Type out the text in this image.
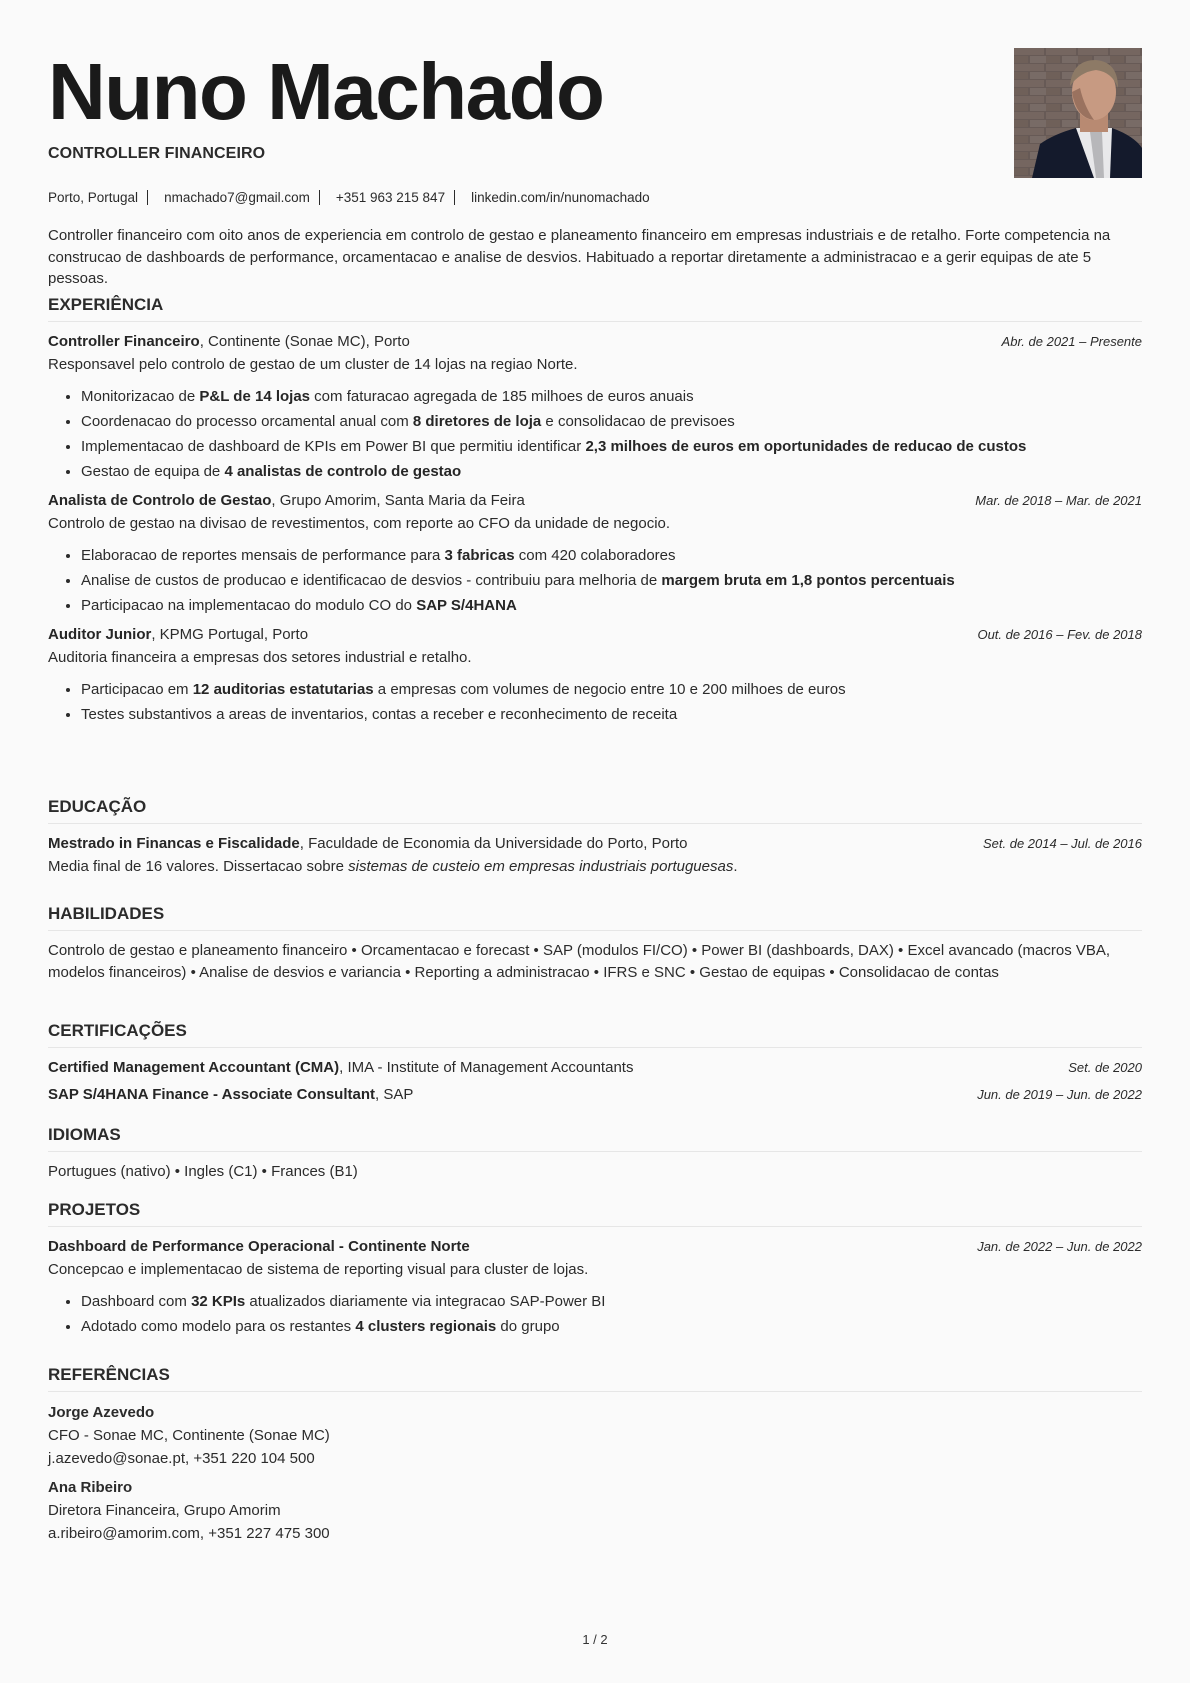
Nuno Machado
CONTROLLER FINANCEIRO
Porto, Portugal nmachado7@gmail.com +351 963 215 847 linkedin.com/in/nunomachado
Controller financeiro com oito anos de experiencia em controlo de gestao e planeamento financeiro em empresas industriais e de retalho. Forte competencia na construcao de dashboards de performance, orcamentacao e analise de desvios. Habituado a reportar diretamente a administracao e a gerir equipas de ate 5 pessoas.
EXPERIÊNCIA
Controller Financeiro, Continente (Sonae MC), Porto	Abr. de 2021 – Presente
Responsavel pelo controlo de gestao de um cluster de 14 lojas na regiao Norte.
• Monitorizacao de P&L de 14 lojas com faturacao agregada de 185 milhoes de euros anuais
• Coordenacao do processo orcamental anual com 8 diretores de loja e consolidacao de previsoes
• Implementacao de dashboard de KPIs em Power BI que permitiu identificar 2,3 milhoes de euros em oportunidades de reducao de custos
• Gestao de equipa de 4 analistas de controlo de gestao
Analista de Controlo de Gestao, Grupo Amorim, Santa Maria da Feira	Mar. de 2018 – Mar. de 2021
Controlo de gestao na divisao de revestimentos, com reporte ao CFO da unidade de negocio.
• Elaboracao de reportes mensais de performance para 3 fabricas com 420 colaboradores
• Analise de custos de producao e identificacao de desvios - contribuiu para melhoria de margem bruta em 1,8 pontos percentuais
• Participacao na implementacao do modulo CO do SAP S/4HANA
Auditor Junior, KPMG Portugal, Porto	Out. de 2016 – Fev. de 2018
Auditoria financeira a empresas dos setores industrial e retalho.
• Participacao em 12 auditorias estatutarias a empresas com volumes de negocio entre 10 e 200 milhoes de euros
• Testes substantivos a areas de inventarios, contas a receber e reconhecimento de receita
EDUCAÇÃO
Mestrado in Financas e Fiscalidade, Faculdade de Economia da Universidade do Porto, Porto	Set. de 2014 – Jul. de 2016
Media final de 16 valores. Dissertacao sobre sistemas de custeio em empresas industriais portuguesas.
HABILIDADES
Controlo de gestao e planeamento financeiro • Orcamentacao e forecast • SAP (modulos FI/CO) • Power BI (dashboards, DAX) • Excel avancado (macros VBA, modelos financeiros) • Analise de desvios e variancia • Reporting a administracao • IFRS e SNC • Gestao de equipas • Consolidacao de contas
CERTIFICAÇÕES
Certified Management Accountant (CMA), IMA - Institute of Management Accountants	Set. de 2020
SAP S/4HANA Finance - Associate Consultant, SAP	Jun. de 2019 – Jun. de 2022
IDIOMAS
Portugues (nativo) • Ingles (C1) • Frances (B1)
PROJETOS
Dashboard de Performance Operacional - Continente Norte	Jan. de 2022 – Jun. de 2022
Concepcao e implementacao de sistema de reporting visual para cluster de lojas.
• Dashboard com 32 KPIs atualizados diariamente via integracao SAP-Power BI
• Adotado como modelo para os restantes 4 clusters regionais do grupo
REFERÊNCIAS
Jorge Azevedo
CFO - Sonae MC, Continente (Sonae MC)
j.azevedo@sonae.pt, +351 220 104 500
Ana Ribeiro
Diretora Financeira, Grupo Amorim
a.ribeiro@amorim.com, +351 227 475 300
1 / 2
